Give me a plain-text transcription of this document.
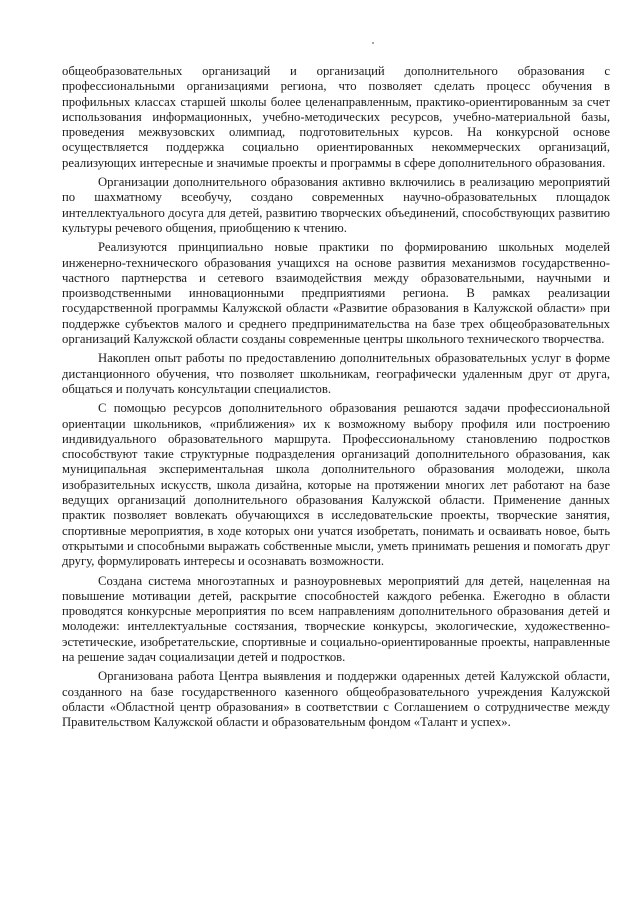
общеобразовательных организаций и организаций дополнительного образования с профессиональными организациями региона, что позволяет сделать процесс обучения в профильных классах старшей школы более целенаправленным, практико-ориентированным за счет использования информационных, учебно-методических ресурсов, учебно-материальной базы, проведения межвузовских олимпиад, подготовительных курсов. На конкурсной основе осуществляется поддержка социально ориентированных некоммерческих организаций, реализующих интересные и значимые проекты и программы в сфере дополнительного образования.

Организации дополнительного образования активно включились в реализацию мероприятий по шахматному всеобучу, создано современных научно-образовательных площадок интеллектуального досуга для детей, развитию творческих объединений, способствующих развитию культуры речевого общения, приобщению к чтению.

Реализуются принципиально новые практики по формированию школьных моделей инженерно-технического образования учащихся на основе развития механизмов государственно-частного партнерства и сетевого взаимодействия между образовательными, научными и производственными инновационными предприятиями региона. В рамках реализации государственной программы Калужской области «Развитие образования в Калужской области» при поддержке субъектов малого и среднего предпринимательства на базе трех общеобразовательных организаций Калужской области созданы современные центры школьного технического творчества.

Накоплен опыт работы по предоставлению дополнительных образовательных услуг в форме дистанционного обучения, что позволяет школьникам, географически удаленным друг от друга, общаться и получать консультации специалистов.

С помощью ресурсов дополнительного образования решаются задачи профессиональной ориентации школьников, «приближения» их к возможному выбору профиля или построению индивидуального образовательного маршрута. Профессиональному становлению подростков способствуют такие структурные подразделения организаций дополнительного образования, как муниципальная экспериментальная школа дополнительного образования молодежи, школа изобразительных искусств, школа дизайна, которые на протяжении многих лет работают на базе ведущих организаций дополнительного образования Калужской области. Применение данных практик позволяет вовлекать обучающихся в исследовательские проекты, творческие занятия, спортивные мероприятия, в ходе которых они учатся изобретать, понимать и осваивать новое, быть открытыми и способными выражать собственные мысли, уметь принимать решения и помогать друг другу, формулировать интересы и осознавать возможности.

Создана система многоэтапных и разноуровневых мероприятий для детей, нацеленная на повышение мотивации детей, раскрытие способностей каждого ребенка. Ежегодно в области проводятся конкурсные мероприятия по всем направлениям дополнительного образования детей и молодежи: интеллектуальные состязания, творческие конкурсы, экологические, художественно-эстетические, изобретательские, спортивные и социально-ориентированные проекты, направленные на решение задач социализации детей и подростков.

Организована работа Центра выявления и поддержки одаренных детей Калужской области, созданного на базе государственного казенного общеобразовательного учреждения Калужской области «Областной центр образования» в соответствии с Соглашением о сотрудничестве между Правительством Калужской области и образовательным фондом «Талант и успех».
